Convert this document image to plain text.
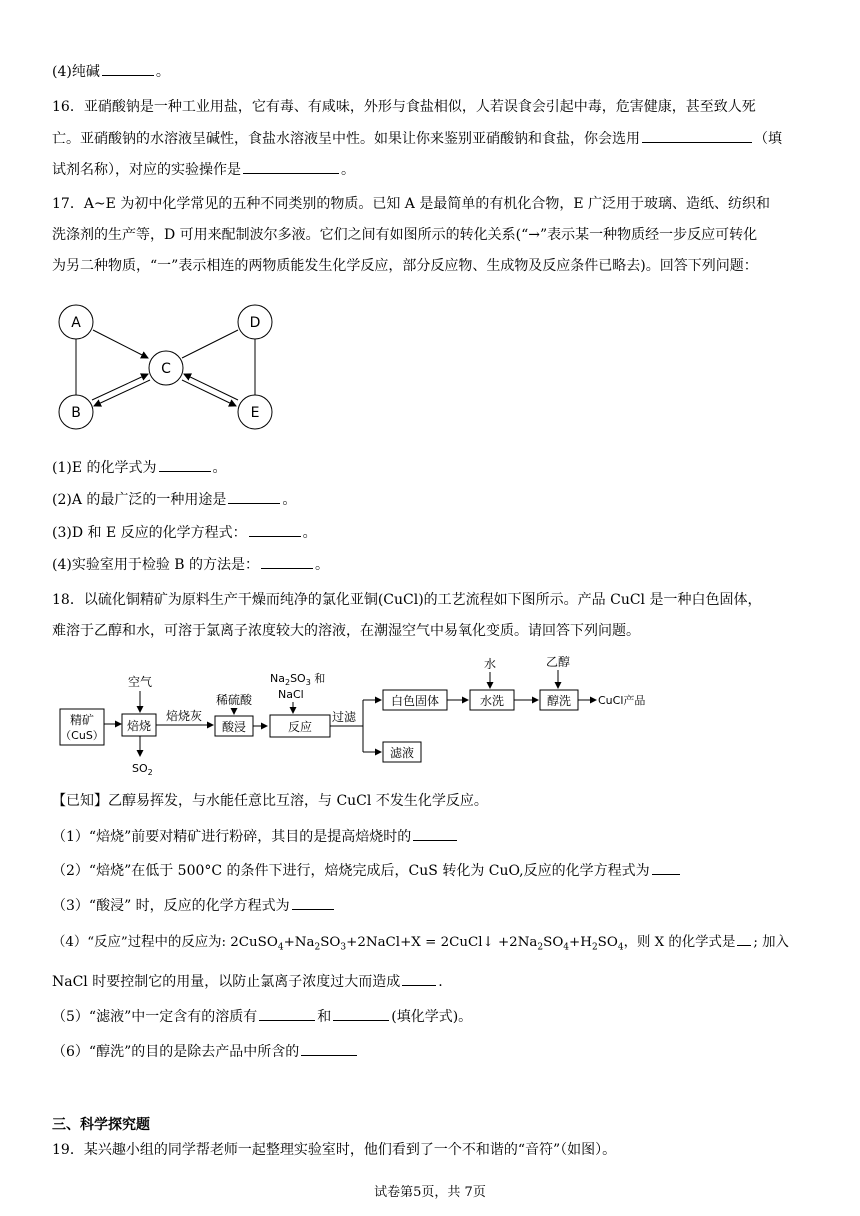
(4)纯碱	。
16．亚硝酸钠是一种工业用盐，它有毒、有咸味，外形与食盐相似，人若误食会引起中毒，危害健康，甚至致人死
亡。亚硝酸钠的水溶液呈碱性，食盐水溶液呈中性。如果让你来鉴别亚硝酸钠和食盐，你会选用	（填
试剂名称），对应的实验操作是	。
17．A~E 为初中化学常见的五种不同类别的物质。已知 A 是最简单的有机化合物，E 广泛用于玻璃、造纸、纺织和
洗涤剂的生产等，D 可用来配制波尔多液。它们之间有如图所示的转化关系(“→”表示某一种物质经一步反应可转化
为另二种物质，“一”表示相连的两物质能发生化学反应，部分反应物、生成物及反应条件已略去)。回答下列问题：
A
B
C
D
E
(1)E 的化学式为	。
(2)A 的最广泛的一种用途是	。
(3)D 和 E 反应的化学方程式：	。
(4)实验室用于检验 B 的方法是：	。
18．以硫化铜精矿为原料生产干燥而纯净的氯化亚铜(CuCl)的工艺流程如下图所示。产品 CuCl 是一种白色固体，
难溶于乙醇和水，可溶于氯离子浓度较大的溶液，在潮湿空气中易氧化变质。请回答下列问题。
精矿
（CuS）
空气
焙烧
$SO_2$
焙烧灰
稀硫酸
酸浸
$Na_2SO_3$ 和
NaCl
反应
过滤
白色固体
滤液
水
水洗
乙醇
醇洗 CuCl产品
【已知】乙醇易挥发，与水能任意比互溶，与 CuCl 不发生化学反应。
（1）“焙烧”前要对精矿进行粉碎，其目的是提高焙烧时的
（2）“焙烧”在低于 500°C 的条件下进行，焙烧完成后，CuS 转化为 CuO,反应的化学方程式为
（3）“酸浸” 时，反应的化学方程式为
（4）“反应”过程中的反应为: $2CuSO_4+Na_2SO_3+2NaCl+X$ = 2CuCl↓ $+2Na_2SO_4+H_2SO_4$，则 X 的化学式是 ; 加入
NaCl 时要控制它的用量，以防止氯离子浓度过大而造成	.
（5）“滤液”中一定含有的溶质有	和	(填化学式)。
（6）“醇洗”的目的是除去产品中所含的
三、科学探究题
19．某兴趣小组的同学帮老师一起整理实验室时，他们看到了一个不和谐的“音符”（如图）。
试卷第5页，共 7页
